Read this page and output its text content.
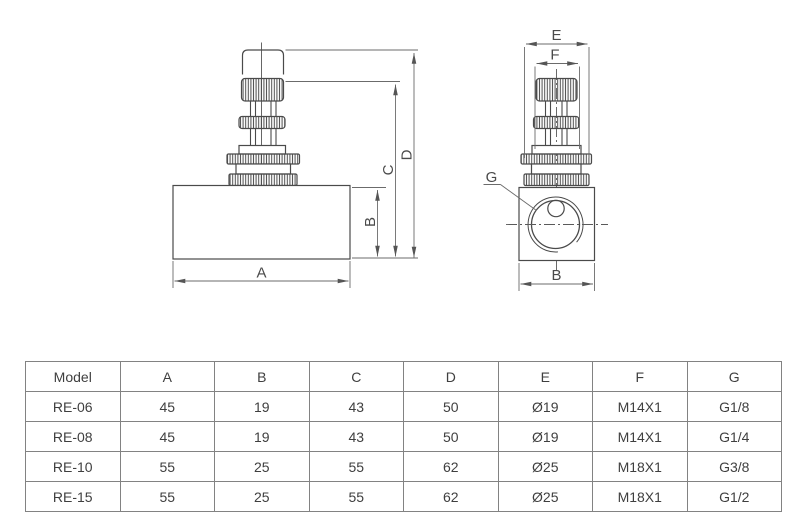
A
B
C
D
E
F
G
B
Model	A	B	C	D	E	F	G
RE-06	45	19	43	50	Ø19	M14X1	G1/8
RE-08	45	19	43	50	Ø19	M14X1	G1/4
RE-10	55	25	55	62	Ø25	M18X1	G3/8
RE-15	55	25	55	62	Ø25	M18X1	G1/2
